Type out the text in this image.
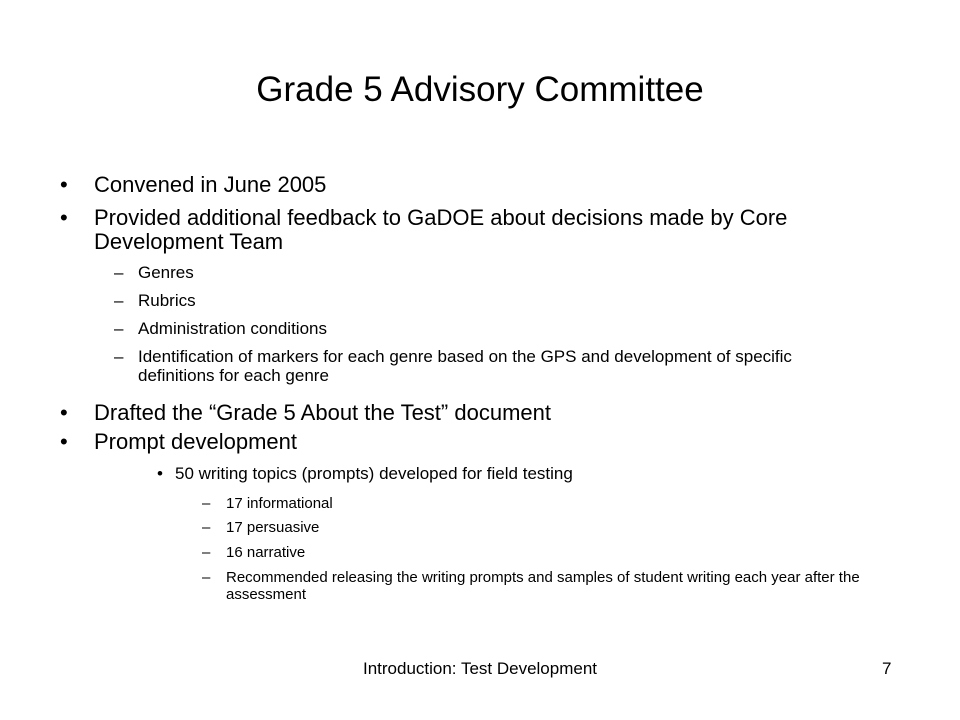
Grade 5 Advisory Committee
• Convened in June 2005
• Provided additional feedback to GaDOE about decisions made by Core Development Team
– Genres
– Rubrics
– Administration conditions
– Identification of markers for each genre based on the GPS and development of specific definitions for each genre
• Drafted the “Grade 5 About the Test” document
• Prompt development
• 50 writing topics (prompts) developed for field testing
– 17 informational
– 17 persuasive
– 16 narrative
– Recommended releasing the writing prompts and samples of student writing each year after the assessment
Introduction: Test Development	7
